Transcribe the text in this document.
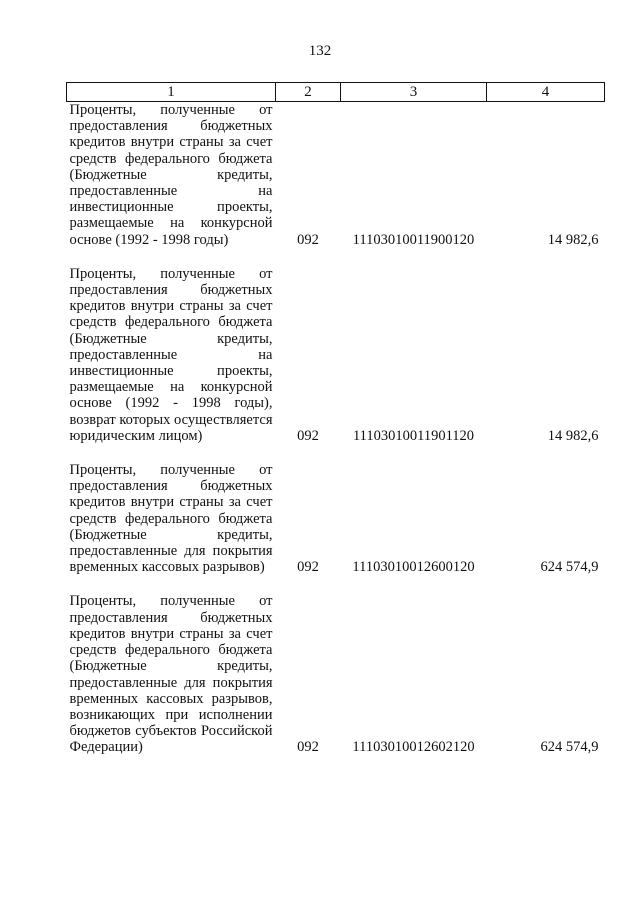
132
1	2	3	4
Проценты, полученные от предоставления бюджетных кредитов внутри страны за счет средств федерального бюджета (Бюджетные кредиты, предоставленные на инвестиционные проекты, размещаемые на конкурсной основе (1992 - 1998 годы)	092	11103010011900120	14 982,6

Проценты, полученные от предоставления бюджетных кредитов внутри страны за счет средств федерального бюджета (Бюджетные кредиты, предоставленные на инвестиционные проекты, размещаемые на конкурсной основе (1992 - 1998 годы), возврат которых осуществляется юридическим лицом)	092	11103010011901120	14 982,6

Проценты, полученные от предоставления бюджетных кредитов внутри страны за счет средств федерального бюджета (Бюджетные кредиты, предоставленные для покрытия временных кассовых разрывов)	092	11103010012600120	624 574,9

Проценты, полученные от предоставления бюджетных кредитов внутри страны за счет средств федерального бюджета (Бюджетные кредиты, предоставленные для покрытия временных кассовых разрывов, возникающих при исполнении бюджетов субъектов Российской Федерации)	092	11103010012602120	624 574,9
